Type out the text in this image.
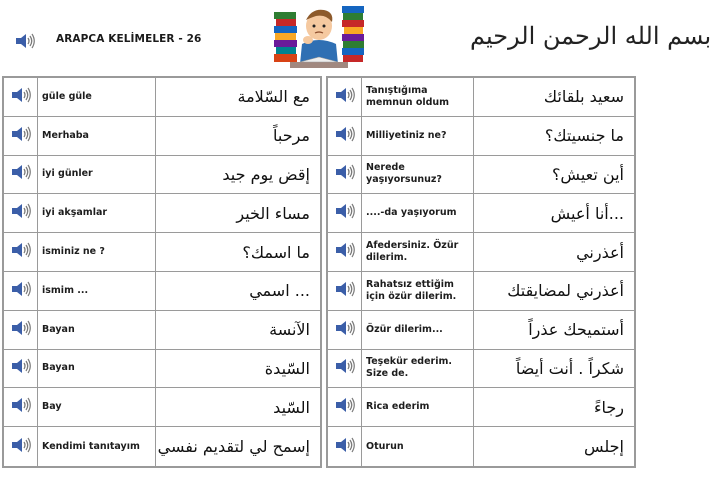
ARAPCA KELİMELER - 26	بسم الله الرحمن الرحيم
güle güle	مع السّلامة
Merhaba	مرحباً
iyi günler	إقض يوم جيد
iyi akşamlar	مساء الخير
isminiz ne ?	ما اسمك؟
ismim ...	... اسمي
Bayan	الآنسة
Bayan	السّيدة
Bay	السّيد
Kendimi tanıtayım إسمح لي لتقديم نفسي
Tanıştığıma memnun oldum	سعيد بلقائك
Milliyetiniz ne?	ما جنسيتك؟
Nerede yaşıyorsunuz?	أين تعيش؟
....-da yaşıyorum	...أنا أعيش
Afedersiniz. Özür dilerim.	أعذرني
Rahatsız ettiğim için özür dilerim.	أعذرني لمضايقتك
Özür dilerim...	أستميحك عذراً
Teşekür ederim. Size de.	شكراً . أنت أيضاً
Rica ederim	رجاءً
Oturun	إجلس
